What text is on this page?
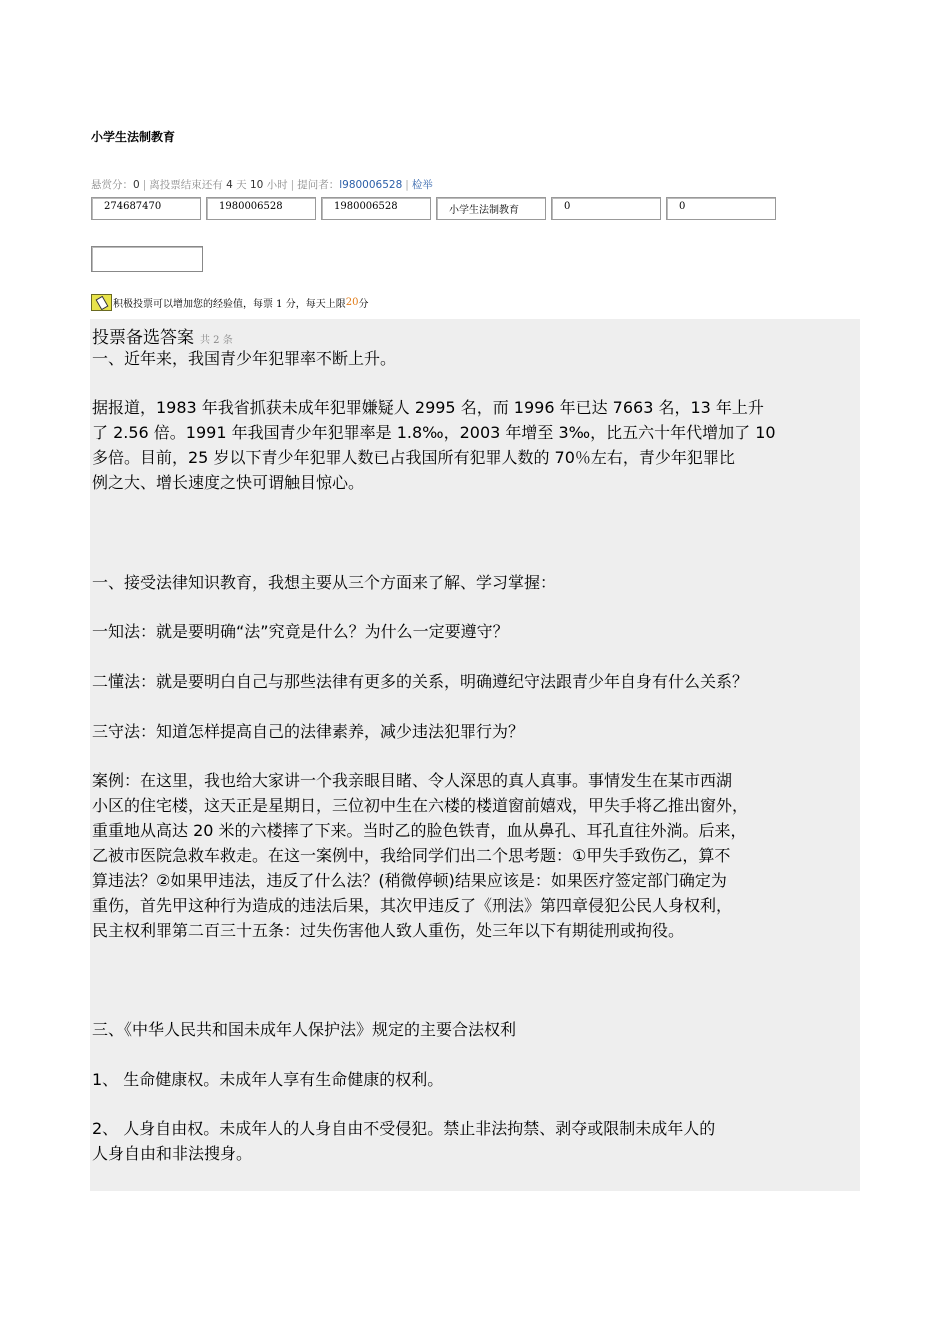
小学生法制教育
悬赏分：0 | 离投票结束还有 4 天 10 小时 | 提问者：l980006528 | 检举
274687470	1980006528	1980006528	小学生法制教育	0	0
积极投票可以增加您的经验值，每票 1 分，每天上限 20 分
投票备选答案 共 2 条
一、近年来，我国青少年犯罪率不断上升。
据报道，1983 年我省抓获未成年犯罪嫌疑人 2995 名，而 1996 年已达 7663 名，13 年上升
了 2.56 倍。1991 年我国青少年犯罪率是 1.8‰，2003 年增至 3‰，比五六十年代增加了 10
多倍。目前，25 岁以下青少年犯罪人数已占我国所有犯罪人数的 70％左右，青少年犯罪比
例之大、增长速度之快可谓触目惊心。
一、接受法律知识教育，我想主要从三个方面来了解、学习掌握：
一知法：就是要明确“法”究竟是什么？为什么一定要遵守？
二懂法：就是要明白自己与那些法律有更多的关系，明确遵纪守法跟青少年自身有什么关系？
三守法：知道怎样提高自己的法律素养，减少违法犯罪行为？
案例：在这里，我也给大家讲一个我亲眼目睹、令人深思的真人真事。事情发生在某市西湖
小区的住宅楼，这天正是星期日，三位初中生在六楼的楼道窗前嬉戏，甲失手将乙推出窗外，
重重地从高达 20 米的六楼摔了下来。当时乙的脸色铁青，血从鼻孔、耳孔直往外淌。后来，
乙被市医院急救车救走。在这一案例中，我给同学们出二个思考题：①甲失手致伤乙，算不
算违法？②如果甲违法，违反了什么法？(稍微停顿)结果应该是：如果医疗签定部门确定为
重伤，首先甲这种行为造成的违法后果，其次甲违反了《刑法》第四章侵犯公民人身权利，
民主权利罪第二百三十五条：过失伤害他人致人重伤，处三年以下有期徒刑或拘役。
三、《中华人民共和国未成年人保护法》规定的主要合法权利
1、 生命健康权。未成年人享有生命健康的权利。
2、 人身自由权。未成年人的人身自由不受侵犯。禁止非法拘禁、剥夺或限制未成年人的
人身自由和非法搜身。
